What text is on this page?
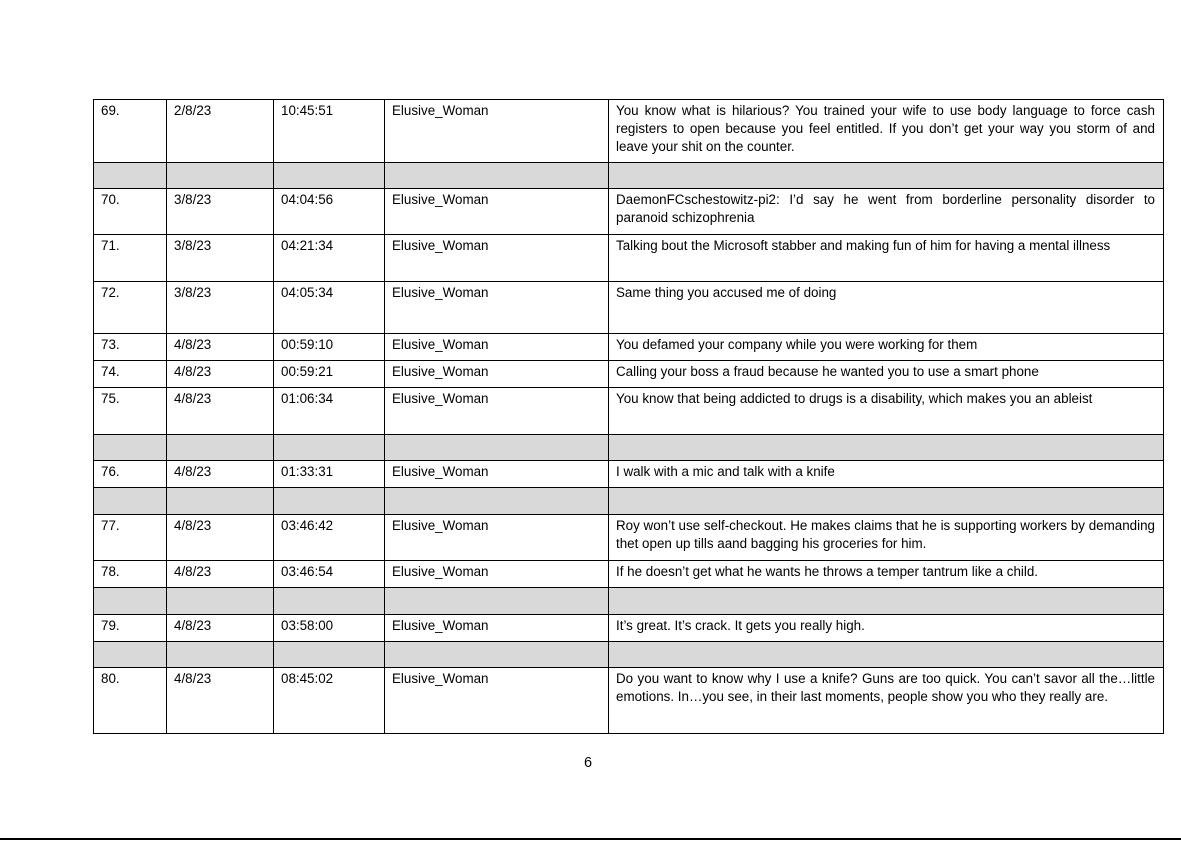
69.	2/8/23	10:45:51	Elusive_Woman	You know what is hilarious? You trained your wife to use body language to force cash registers to open because you feel entitled. If you don’t get your way you storm of and leave your shit on the counter.

70.	3/8/23	04:04:56	Elusive_Woman	DaemonFCschestowitz-pi2: I’d say he went from borderline personality disorder to paranoid schizophrenia
71.	3/8/23	04:21:34	Elusive_Woman	Talking bout the Microsoft stabber and making fun of him for having a mental illness
72.	3/8/23	04:05:34	Elusive_Woman	Same thing you accused me of doing
73.	4/8/23	00:59:10	Elusive_Woman	You defamed your company while you were working for them
74.	4/8/23	00:59:21	Elusive_Woman	Calling your boss a fraud because he wanted you to use a smart phone
75.	4/8/23	01:06:34	Elusive_Woman	You know that being addicted to drugs is a disability, which makes you an ableist

76.	4/8/23	01:33:31	Elusive_Woman	I walk with a mic and talk with a knife

77.	4/8/23	03:46:42	Elusive_Woman	Roy won’t use self-checkout. He makes claims that he is supporting workers by demanding thet open up tills aand bagging his groceries for him.
78.	4/8/23	03:46:54	Elusive_Woman	If he doesn’t get what he wants he throws a temper tantrum like a child.

79.	4/8/23	03:58:00	Elusive_Woman	It’s great. It’s crack. It gets you really high.

80.	4/8/23	08:45:02	Elusive_Woman	Do you want to know why I use a knife? Guns are too quick. You can’t savor all the…little emotions. In…you see, in their last moments, people show you who they really are.
6
